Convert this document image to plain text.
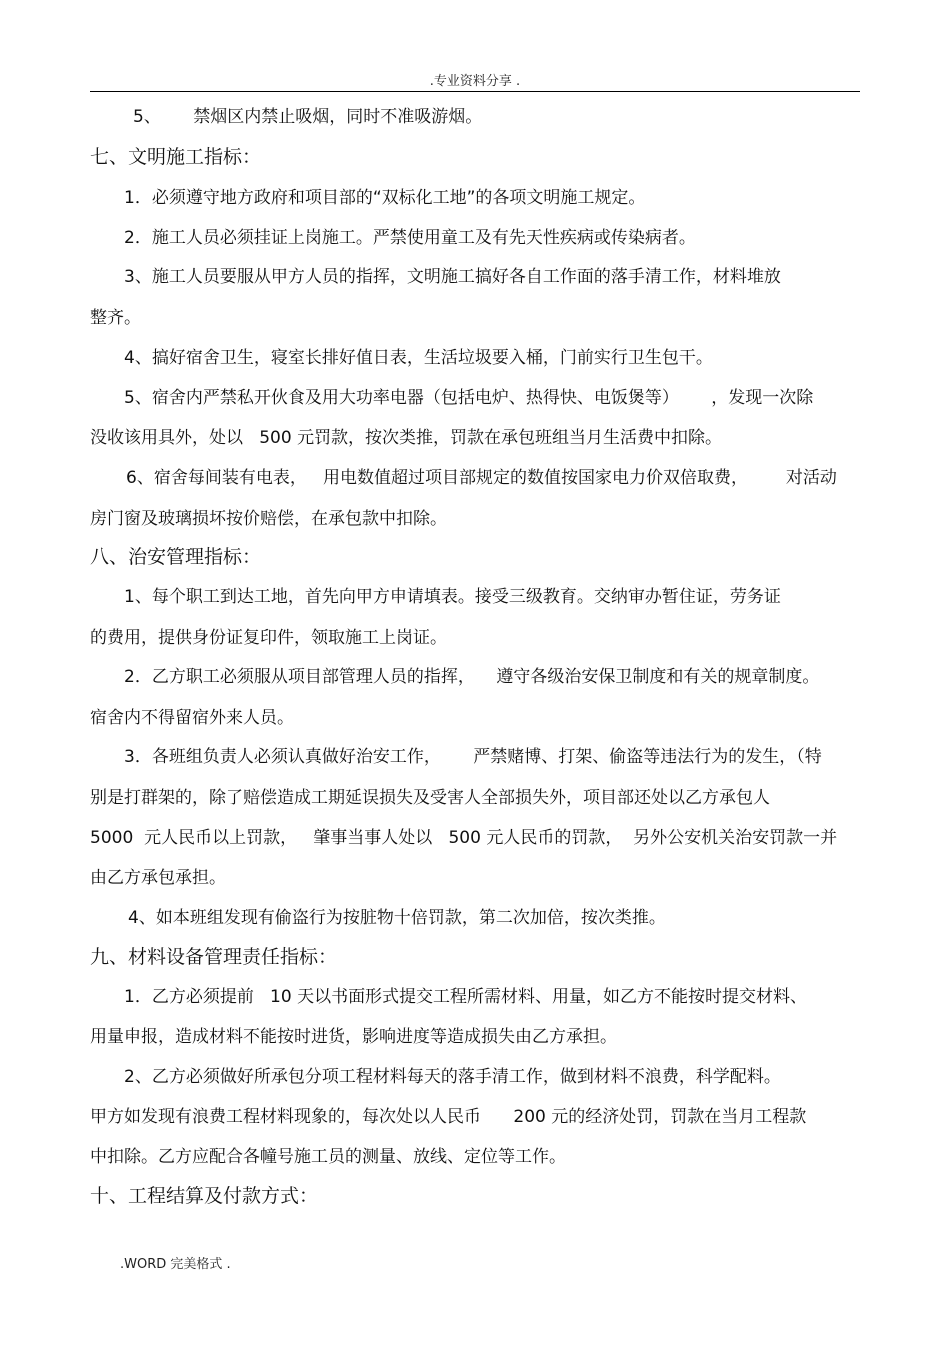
.专业资料分享 .
5、      禁烟区内禁止吸烟，同时不准吸游烟。
七、文明施工指标：
1．必须遵守地方政府和项目部的“双标化工地”的各项文明施工规定。
2．施工人员必须挂证上岗施工。严禁使用童工及有先天性疾病或传染病者。
3、施工人员要服从甲方人员的指挥，文明施工搞好各自工作面的落手清工作，材料堆放
整齐。
4、搞好宿舍卫生，寝室长排好值日表，生活垃圾要入桶，门前实行卫生包干。
5、宿舍内严禁私开伙食及用大功率电器（包括电炉、热得快、电饭煲等）      ，发现一次除
没收该用具外，处以   500 元罚款，按次类推，罚款在承包班组当月生活费中扣除。
6、宿舍每间装有电表，   用电数值超过项目部规定的数值按国家电力价双倍取费，       对活动
房门窗及玻璃损坏按价赔偿，在承包款中扣除。
八、治安管理指标：
1、每个职工到达工地，首先向甲方申请填表。接受三级教育。交纳审办暂住证，劳务证
的费用，提供身份证复印件，领取施工上岗证。
2．乙方职工必须服从项目部管理人员的指挥，    遵守各级治安保卫制度和有关的规章制度。
宿舍内不得留宿外来人员。
3．各班组负责人必须认真做好治安工作，      严禁赌博、打架、偷盗等违法行为的发生，（特
别是打群架的，除了赔偿造成工期延误损失及受害人全部损失外，项目部还处以乙方承包人
5000  元人民币以上罚款，   肇事当事人处以   500 元人民币的罚款，  另外公安机关治安罚款一并
由乙方承包承担。
4、如本班组发现有偷盗行为按脏物十倍罚款，第二次加倍，按次类推。
九、材料设备管理责任指标：
1．乙方必须提前   10 天以书面形式提交工程所需材料、用量，如乙方不能按时提交材料、
用量申报，造成材料不能按时进货，影响进度等造成损失由乙方承担。
2、乙方必须做好所承包分项工程材料每天的落手清工作，做到材料不浪费，科学配料。
甲方如发现有浪费工程材料现象的，每次处以人民币      200 元的经济处罚，罚款在当月工程款
中扣除。乙方应配合各幢号施工员的测量、放线、定位等工作。
十、工程结算及付款方式：
.WORD 完美格式 .
